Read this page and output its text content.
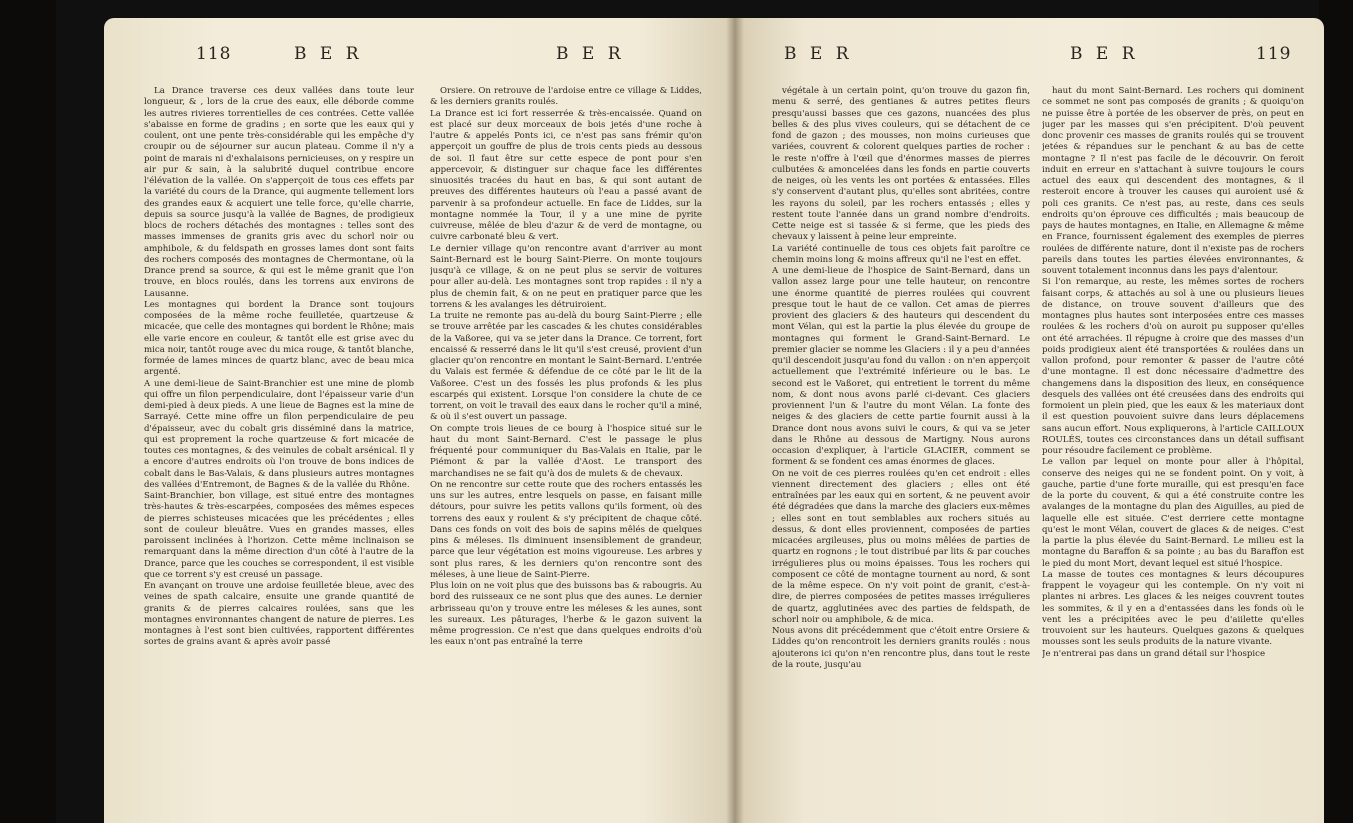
118	B E R	B E R

La Drance traverse ces deux vallées dans toute leur longueur, & , lors de la crue des eaux, elle déborde comme les autres rivieres torrentielles de ces contrées. Cette vallée s'abaisse en forme de gradins ; en sorte que les eaux qui y coulent, ont une pente très-considérable qui les empêche d'y croupir ou de séjourner sur aucun plateau. Comme il n'y a point de marais ni d'exhalaisons pernicieuses, on y respire un air pur & sain, à la salubrité duquel contribue encore l'élévation de la vallée. On s'apperçoit de tous ces effets par la variété du cours de la Drance, qui augmente tellement lors des grandes eaux & acquiert une telle force, qu'elle charrie, depuis sa source jusqu'à la vallée de Bagnes, de prodigieux blocs de rochers détachés des montagnes : telles sont des masses immenses de granits gris avec du schorl noir ou amphibole, & du feldspath en grosses lames dont sont faits des rochers composés des montagnes de Chermontane, où la Drance prend sa source, & qui est le même granit que l'on trouve, en blocs roulés, dans les torrens aux environs de Lausanne.
Les montagnes qui bordent la Drance sont toujours composées de la même roche feuilletée, quartzeuse & micacée, que celle des montagnes qui bordent le Rhône; mais elle varie encore en couleur, & tantôt elle est grise avec du mica noir, tantôt rouge avec du mica rouge, & tantôt blanche, formée de lames minces de quartz blanc, avec de beau mica argenté.
A une demi-lieue de Saint-Branchier est une mine de plomb qui offre un filon perpendiculaire, dont l'épaisseur varie d'un demi-pied à deux pieds. A une lieue de Bagnes est la mine de Sarrayé. Cette mine offre un filon perpendiculaire de peu d'épaisseur, avec du cobalt gris disséminé dans la matrice, qui est proprement la roche quartzeuse & fort micacée de toutes ces montagnes, & des veinules de cobalt arsénical. Il y a encore d'autres endroits où l'on trouve de bons indices de cobalt dans le Bas-Valais, & dans plusieurs autres montagnes des vallées d'Entremont, de Bagnes & de la vallée du Rhône.
Saint-Branchier, bon village, est situé entre des montagnes très-hautes & très-escarpées, composées des mêmes especes de pierres schisteuses micacées que les précédentes ; elles sont de couleur bleuâtre. Vues en grandes masses, elles paroissent inclinées à l'horizon. Cette même inclinaison se remarquant dans la même direction d'un côté à l'autre de la Drance, parce que les couches se correspondent, il est visible que ce torrent s'y est creusé un passage.
En avançant on trouve une ardoise feuilletée bleue, avec des veines de spath calcaire, ensuite une grande quantité de granits & de pierres calcaires roulées, sans que les montagnes environnantes changent de nature de pierres. Les montagnes à l'est sont bien cultivées, rapportent différentes sortes de grains avant & après avoir passé

Orsiere. On retrouve de l'ardoise entre ce village & Liddes, & les derniers granits roulés.
La Drance est ici fort resserrée & très-encaissée. Quand on est placé sur deux morceaux de bois jetés d'une roche à l'autre & appelés Ponts ici, ce n'est pas sans frémir qu'on apperçoit un gouffre de plus de trois cents pieds au dessous de soi. Il faut être sur cette espece de pont pour s'en appercevoir, & distinguer sur chaque face les différentes sinuosités tracées du haut en bas, & qui sont autant de preuves des différentes hauteurs où l'eau a passé avant de parvenir à sa profondeur actuelle. En face de Liddes, sur la montagne nommée la Tour, il y a une mine de pyrite cuivreuse, mêlée de bleu d'azur & de verd de montagne, ou cuivre carbonaté bleu & vert.
Le dernier village qu'on rencontre avant d'arriver au mont Saint-Bernard est le bourg Saint-Pierre. On monte toujours jusqu'à ce village, & on ne peut plus se servir de voitures pour aller au-delà. Les montagnes sont trop rapides : il n'y a plus de chemin fait, & on ne peut en pratiquer parce que les torrens & les avalanges les détruiroient.
La truite ne remonte pas au-delà du bourg Saint-Pierre ; elle se trouve arrêtée par les cascades & les chutes considérables de la Vaßoree, qui va se jeter dans la Drance. Ce torrent, fort encaissé & resserré dans le lit qu'il s'est creusé, provient d'un glacier qu'on rencontre en montant le Saint-Bernard. L'entrée du Valais est fermée & défendue de ce côté par le lit de la Vaßoree. C'est un des fossés les plus profonds & les plus escarpés qui existent. Lorsque l'on considere la chute de ce torrent, on voit le travail des eaux dans le rocher qu'il a miné, & où il s'est ouvert un passage.
On compte trois lieues de ce bourg à l'hospice situé sur le haut du mont Saint-Bernard. C'est le passage le plus fréquenté pour communiquer du Bas-Valais en Italie, par le Piémont & par la vallée d'Aost. Le transport des marchandises ne se fait qu'à dos de mulets & de chevaux.
On ne rencontre sur cette route que des rochers entassés les uns sur les autres, entre lesquels on passe, en faisant mille détours, pour suivre les petits vallons qu'ils forment, où des torrens des eaux y roulent & s'y précipitent de chaque côté. Dans ces fonds on voit des bois de sapins mêlés de quelques pins & méleses. Ils diminuent insensiblement de grandeur, parce que leur végétation est moins vigoureuse. Les arbres y sont plus rares, & les derniers qu'on rencontre sont des méleses, à une lieue de Saint-Pierre.
Plus loin on ne voit plus que des buissons bas & rabougris. Au bord des ruisseaux ce ne sont plus que des aunes. Le dernier arbrisseau qu'on y trouve entre les méleses & les aunes, sont les sureaux. Les pâturages, l'herbe & le gazon suivent la même progression. Ce n'est que dans quelques endroits d'où les eaux n'ont pas entraîné la terre

B E R	B E R	119

végétale à un certain point, qu'on trouve du gazon fin, menu & serré, des gentianes & autres petites fleurs presqu'aussi basses que ces gazons, nuancées des plus belles & des plus vives couleurs, qui se détachent de ce fond de gazon ; des mousses, non moins curieuses que variées, couvrent & colorent quelques parties de rocher : le reste n'offre à l'œil que d'énormes masses de pierres culbutées & amoncelées dans les fonds en partie couverts de neiges, où les vents les ont portées & entassées. Elles s'y conservent d'autant plus, qu'elles sont abritées, contre les rayons du soleil, par les rochers entassés ; elles y restent toute l'année dans un grand nombre d'endroits. Cette neige est si tassée & si ferme, que les pieds des chevaux y laissent à peine leur empreinte.
La variété continuelle de tous ces objets fait paroître ce chemin moins long & moins affreux qu'il ne l'est en effet.
A une demi-lieue de l'hospice de Saint-Bernard, dans un vallon assez large pour une telle hauteur, on rencontre une énorme quantité de pierres roulées qui couvrent presque tout le haut de ce vallon. Cet amas de pierres provient des glaciers & des hauteurs qui descendent du mont Vélan, qui est la partie la plus élevée du groupe de montagnes qui forment le Grand-Saint-Bernard. Le premier glacier se nomme les Glaciers : il y a peu d'années qu'il descendoit jusqu'au fond du vallon : on n'en apperçoit actuellement que l'extrémité inférieure ou le bas. Le second est le Vaßoret, qui entretient le torrent du même nom, & dont nous avons parlé ci-devant. Ces glaciers proviennent l'un & l'autre du mont Vélan. La fonte des neiges & des glaciers de cette partie fournit aussi à la Drance dont nous avons suivi le cours, & qui va se jeter dans le Rhône au dessous de Martigny. Nous aurons occasion d'expliquer, à l'article GLACIER, comment se forment & se fondent ces amas énormes de glaces.
On ne voit de ces pierres roulées qu'en cet endroit : elles viennent directement des glaciers ; elles ont été entraînées par les eaux qui en sortent, & ne peuvent avoir été dégradées que dans la marche des glaciers eux-mêmes ; elles sont en tout semblables aux rochers situés au dessus, & dont elles proviennent, composées de parties micacées argileuses, plus ou moins mêlées de parties de quartz en rognons ; le tout distribué par lits & par couches irrégulieres plus ou moins épaisses. Tous les rochers qui composent ce côté de montagne tournent au nord, & sont de la même espece. On n'y voit point de granit, c'est-à-dire, de pierres composées de petites masses irrégulieres de quartz, agglutinées avec des parties de feldspath, de schorl noir ou amphibole, & de mica.
Nous avons dit précédemment que c'étoit entre Orsiere & Liddes qu'on rencontroit les derniers granits roulés : nous ajouterons ici qu'on n'en rencontre plus, dans tout le reste de la route, jusqu'au

haut du mont Saint-Bernard. Les rochers qui dominent ce sommet ne sont pas composés de granits ; & quoiqu'on ne puisse être à portée de les observer de près, on peut en juger par les masses qui s'en précipitent. D'où peuvent donc provenir ces masses de granits roulés qui se trouvent jetées & répandues sur le penchant & au bas de cette montagne ? Il n'est pas facile de le découvrir. On feroit induit en erreur en s'attachant à suivre toujours le cours actuel des eaux qui descendent des montagnes, & il resteroit encore à trouver les causes qui auroient usé & poli ces granits. Ce n'est pas, au reste, dans ces seuls endroits qu'on éprouve ces difficultés ; mais beaucoup de pays de hautes montagnes, en Italie, en Allemagne & même en France, fournissent également des exemples de pierres roulées de différente nature, dont il n'existe pas de rochers pareils dans toutes les parties élevées environnantes, & souvent totalement inconnus dans les pays d'alentour.
Si l'on remarque, au reste, les mêmes sortes de rochers faisant corps, & attachés au sol à une ou plusieurs lieues de distance, on trouve souvent d'ailleurs que des montagnes plus hautes sont interposées entre ces masses roulées & les rochers d'où on auroit pu supposer qu'elles ont été arrachées. Il répugne à croire que des masses d'un poids prodigieux aient été transportées & roulées dans un vallon profond, pour remonter & passer de l'autre côté d'une montagne. Il est donc nécessaire d'admettre des changemens dans la disposition des lieux, en conséquence desquels des vallées ont été creusées dans des endroits qui formoient un plein pied, que les eaux & les materiaux dont il est question pouvoient suivre dans leurs déplacemens sans aucun effort. Nous expliquerons, à l'article CAILLOUX ROULÉS, toutes ces circonstances dans un détail suffisant pour résoudre facilement ce problème.
Le vallon par lequel on monte pour aller à l'hôpital, conserve des neiges qui ne se fondent point. On y voit, à gauche, partie d'une forte muraille, qui est presqu'en face de la porte du couvent, & qui a été construite contre les avalanges de la montagne du plan des Aiguilles, au pied de laquelle elle est située. C'est derriere cette montagne qu'est le mont Vélan, couvert de glaces & de neiges. C'est la partie la plus élevée du Saint-Bernard. Le milieu est la montagne du Baraffon & sa pointe ; au bas du Baraffon est le pied du mont Mort, devant lequel est situé l'hospice.
La masse de toutes ces montagnes & leurs découpures frappent le voyageur qui les contemple. On n'y voit ni plantes ni arbres. Les glaces & les neiges couvrent toutes les sommites, & il y en a d'entassées dans les fonds où le vent les a précipitées avec le peu d'aiilette qu'elles trouvoient sur les hauteurs. Quelques gazons & quelques mousses sont les seuls produits de la nature vivante.
Je n'entrerai pas dans un grand détail sur l'hospice
